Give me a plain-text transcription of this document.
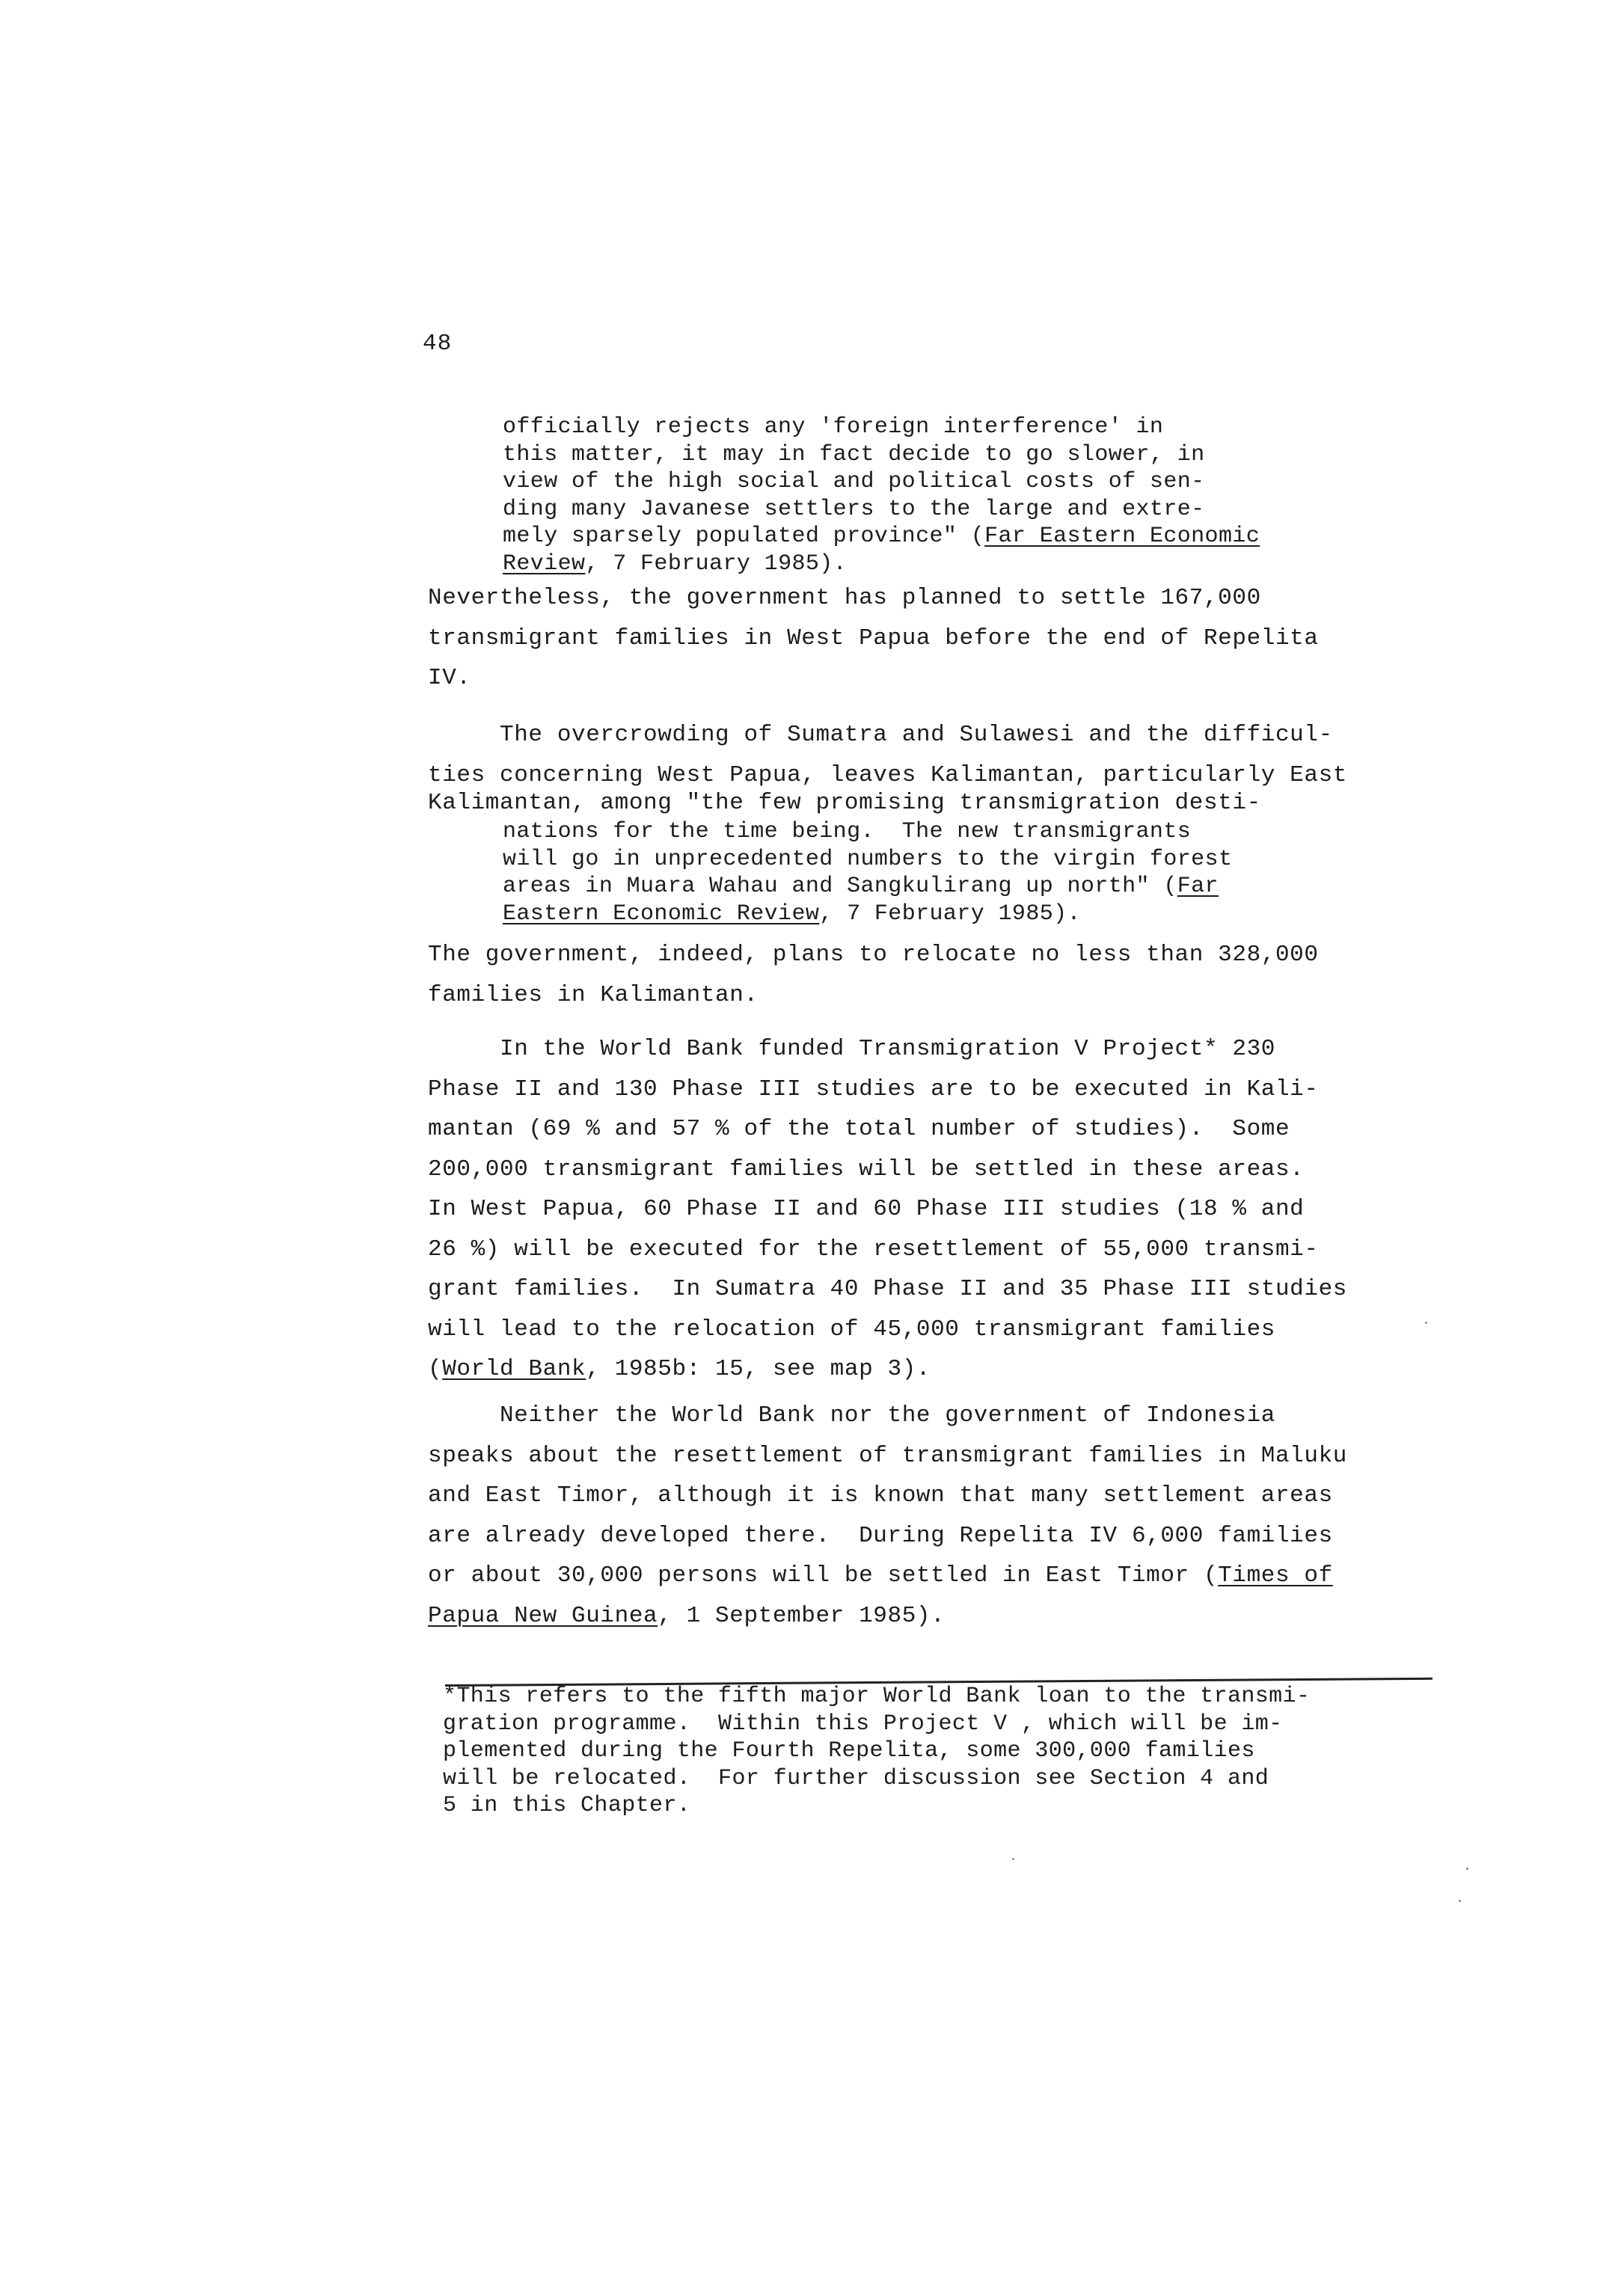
48
officially rejects any 'foreign interference' in
this matter, it may in fact decide to go slower, in
view of the high social and political costs of sen-
ding many Javanese settlers to the large and extre-
mely sparsely populated province" (Far Eastern Economic
Review, 7 February 1985).
Nevertheless, the government has planned to settle 167,000
transmigrant families in West Papua before the end of Repelita
IV.
The overcrowding of Sumatra and Sulawesi and the difficul-
ties concerning West Papua, leaves Kalimantan, particularly East
Kalimantan, among "the few promising transmigration desti-
nations for the time being.  The new transmigrants
will go in unprecedented numbers to the virgin forest
areas in Muara Wahau and Sangkulirang up north" (Far
Eastern Economic Review, 7 February 1985).
The government, indeed, plans to relocate no less than 328,000
families in Kalimantan.
In the World Bank funded Transmigration V Project* 230
Phase II and 130 Phase III studies are to be executed in Kali-
mantan (69 % and 57 % of the total number of studies).  Some
200,000 transmigrant families will be settled in these areas.
In West Papua, 60 Phase II and 60 Phase III studies (18 % and
26 %) will be executed for the resettlement of 55,000 transmi-
grant families.  In Sumatra 40 Phase II and 35 Phase III studies
will lead to the relocation of 45,000 transmigrant families
(World Bank, 1985b: 15, see map 3).
Neither the World Bank nor the government of Indonesia
speaks about the resettlement of transmigrant families in Maluku
and East Timor, although it is known that many settlement areas
are already developed there.  During Repelita IV 6,000 families
or about 30,000 persons will be settled in East Timor (Times of
Papua New Guinea, 1 September 1985).
*This refers to the fifth major World Bank loan to the transmi-
gration programme.  Within this Project V , which will be im-
plemented during the Fourth Repelita, some 300,000 families
will be relocated.  For further discussion see Section 4 and
5 in this Chapter.
